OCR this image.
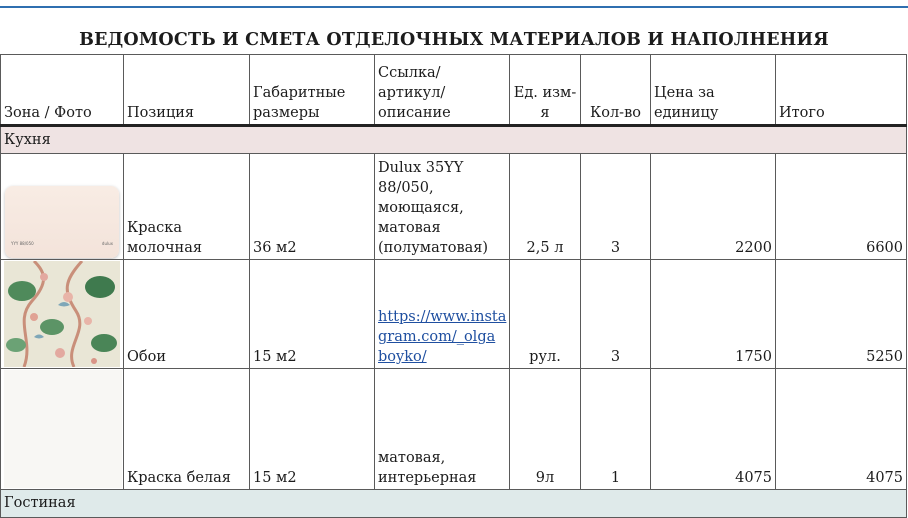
ВЕДОМОСТЬ И СМЕТА ОТДЕЛОЧНЫХ МАТЕРИАЛОВ И НАПОЛНЕНИЯ
Зона / Фото	Позиция	Габаритные размеры	Ссылка/артикул/ описание	Ед. изм-я	Кол-во	Цена за единицу	Итого
Кухня							

YYY 88/050 dulux	Краска молочная	36 м2	Dulux 35YY 88/050, моющаяся, матовая (полуматовая)	2,5 л	3	2200	6600

	Обои	15 м2	https://www.insta gram.com/_olga boyko/	рул.	3	1750	5250

	Краска белая	15 м2	матовая, интерьерная	9л	1	4075	4075
Гостиная							
